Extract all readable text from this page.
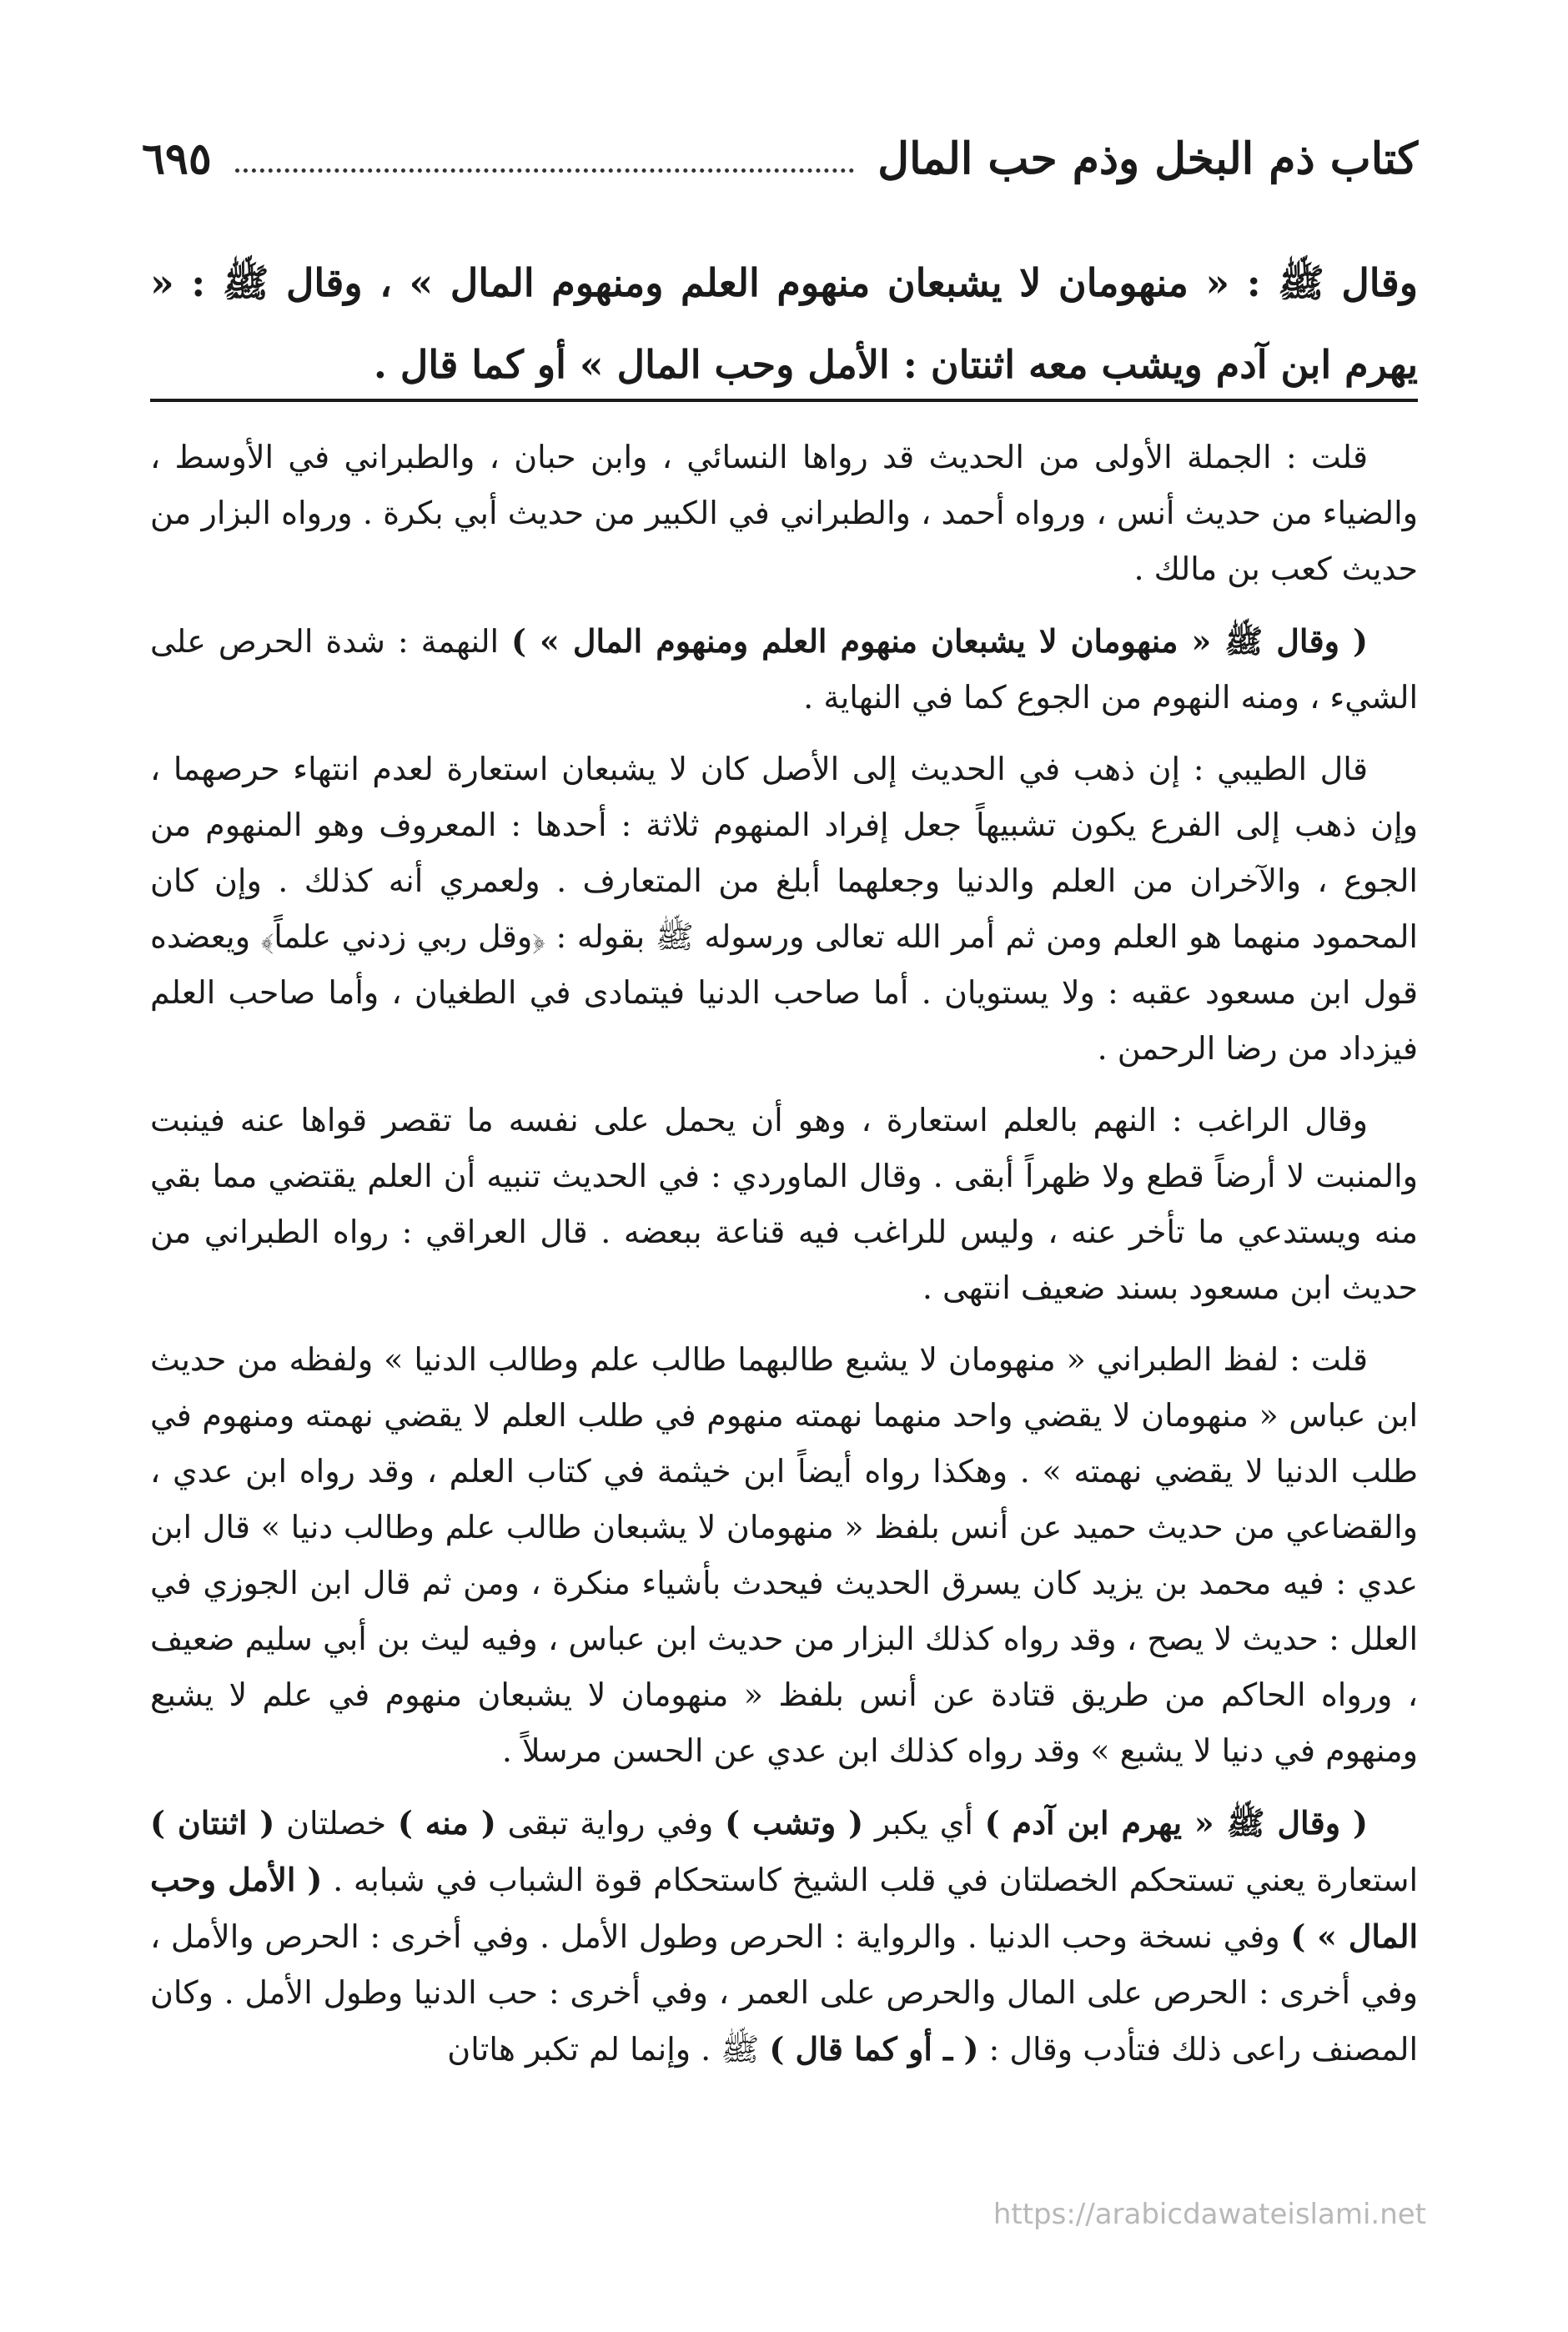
كتاب ذم البخل وذم حب المال
٦٩٥
وقال ﷺ : « منهومان لا يشبعان منهوم العلم ومنهوم المال » ، وقال ﷺ : « يهرم ابن آدم ويشب معه اثنتان : الأمل وحب المال » أو كما قال .

قلت : الجملة الأولى من الحديث قد رواها النسائي ، وابن حبان ، والطبراني في الأوسط ، والضياء من حديث أنس ، ورواه أحمد ، والطبراني في الكبير من حديث أبي بكرة . ورواه البزار من حديث كعب بن مالك .

( وقال ﷺ « منهومان لا يشبعان منهوم العلم ومنهوم المال » ) النهمة : شدة الحرص على الشيء ، ومنه النهوم من الجوع كما في النهاية .

قال الطيبي : إن ذهب في الحديث إلى الأصل كان لا يشبعان استعارة لعدم انتهاء حرصهما ، وإن ذهب إلى الفرع يكون تشبيهاً جعل إفراد المنهوم ثلاثة : أحدها : المعروف وهو المنهوم من الجوع ، والآخران من العلم والدنيا وجعلهما أبلغ من المتعارف . ولعمري أنه كذلك . وإن كان المحمود منهما هو العلم ومن ثم أمر الله تعالى ورسوله ﷺ بقوله : ﴿وقل ربي زدني علماً﴾ ويعضده قول ابن مسعود عقبه : ولا يستويان . أما صاحب الدنيا فيتمادى في الطغيان ، وأما صاحب العلم فيزداد من رضا الرحمن .

وقال الراغب : النهم بالعلم استعارة ، وهو أن يحمل على نفسه ما تقصر قواها عنه فينبت والمنبت لا أرضاً قطع ولا ظهراً أبقى . وقال الماوردي : في الحديث تنبيه أن العلم يقتضي مما بقي منه ويستدعي ما تأخر عنه ، وليس للراغب فيه قناعة ببعضه . قال العراقي : رواه الطبراني من حديث ابن مسعود بسند ضعيف انتهى .

قلت : لفظ الطبراني « منهومان لا يشبع طالبهما طالب علم وطالب الدنيا » ولفظه من حديث ابن عباس « منهومان لا يقضي واحد منهما نهمته منهوم في طلب العلم لا يقضي نهمته ومنهوم في طلب الدنيا لا يقضي نهمته » . وهكذا رواه أيضاً ابن خيثمة في كتاب العلم ، وقد رواه ابن عدي ، والقضاعي من حديث حميد عن أنس بلفظ « منهومان لا يشبعان طالب علم وطالب دنيا » قال ابن عدي : فيه محمد بن يزيد كان يسرق الحديث فيحدث بأشياء منكرة ، ومن ثم قال ابن الجوزي في العلل : حديث لا يصح ، وقد رواه كذلك البزار من حديث ابن عباس ، وفيه ليث بن أبي سليم ضعيف ، ورواه الحاكم من طريق قتادة عن أنس بلفظ « منهومان لا يشبعان منهوم في علم لا يشبع ومنهوم في دنيا لا يشبع » وقد رواه كذلك ابن عدي عن الحسن مرسلاً .

( وقال ﷺ « يهرم ابن آدم ) أي يكبر ( وتشب ) وفي رواية تبقى ( منه ) خصلتان ( اثنتان ) استعارة يعني تستحكم الخصلتان في قلب الشيخ كاستحكام قوة الشباب في شبابه . ( الأمل وحب المال » ) وفي نسخة وحب الدنيا . والرواية : الحرص وطول الأمل . وفي أخرى : الحرص والأمل ، وفي أخرى : الحرص على المال والحرص على العمر ، وفي أخرى : حب الدنيا وطول الأمل . وكان المصنف راعى ذلك فتأدب وقال : ( ـ أو كما قال ) ﷺ . وإنما لم تكبر هاتان

https://arabicdawateislami.net
